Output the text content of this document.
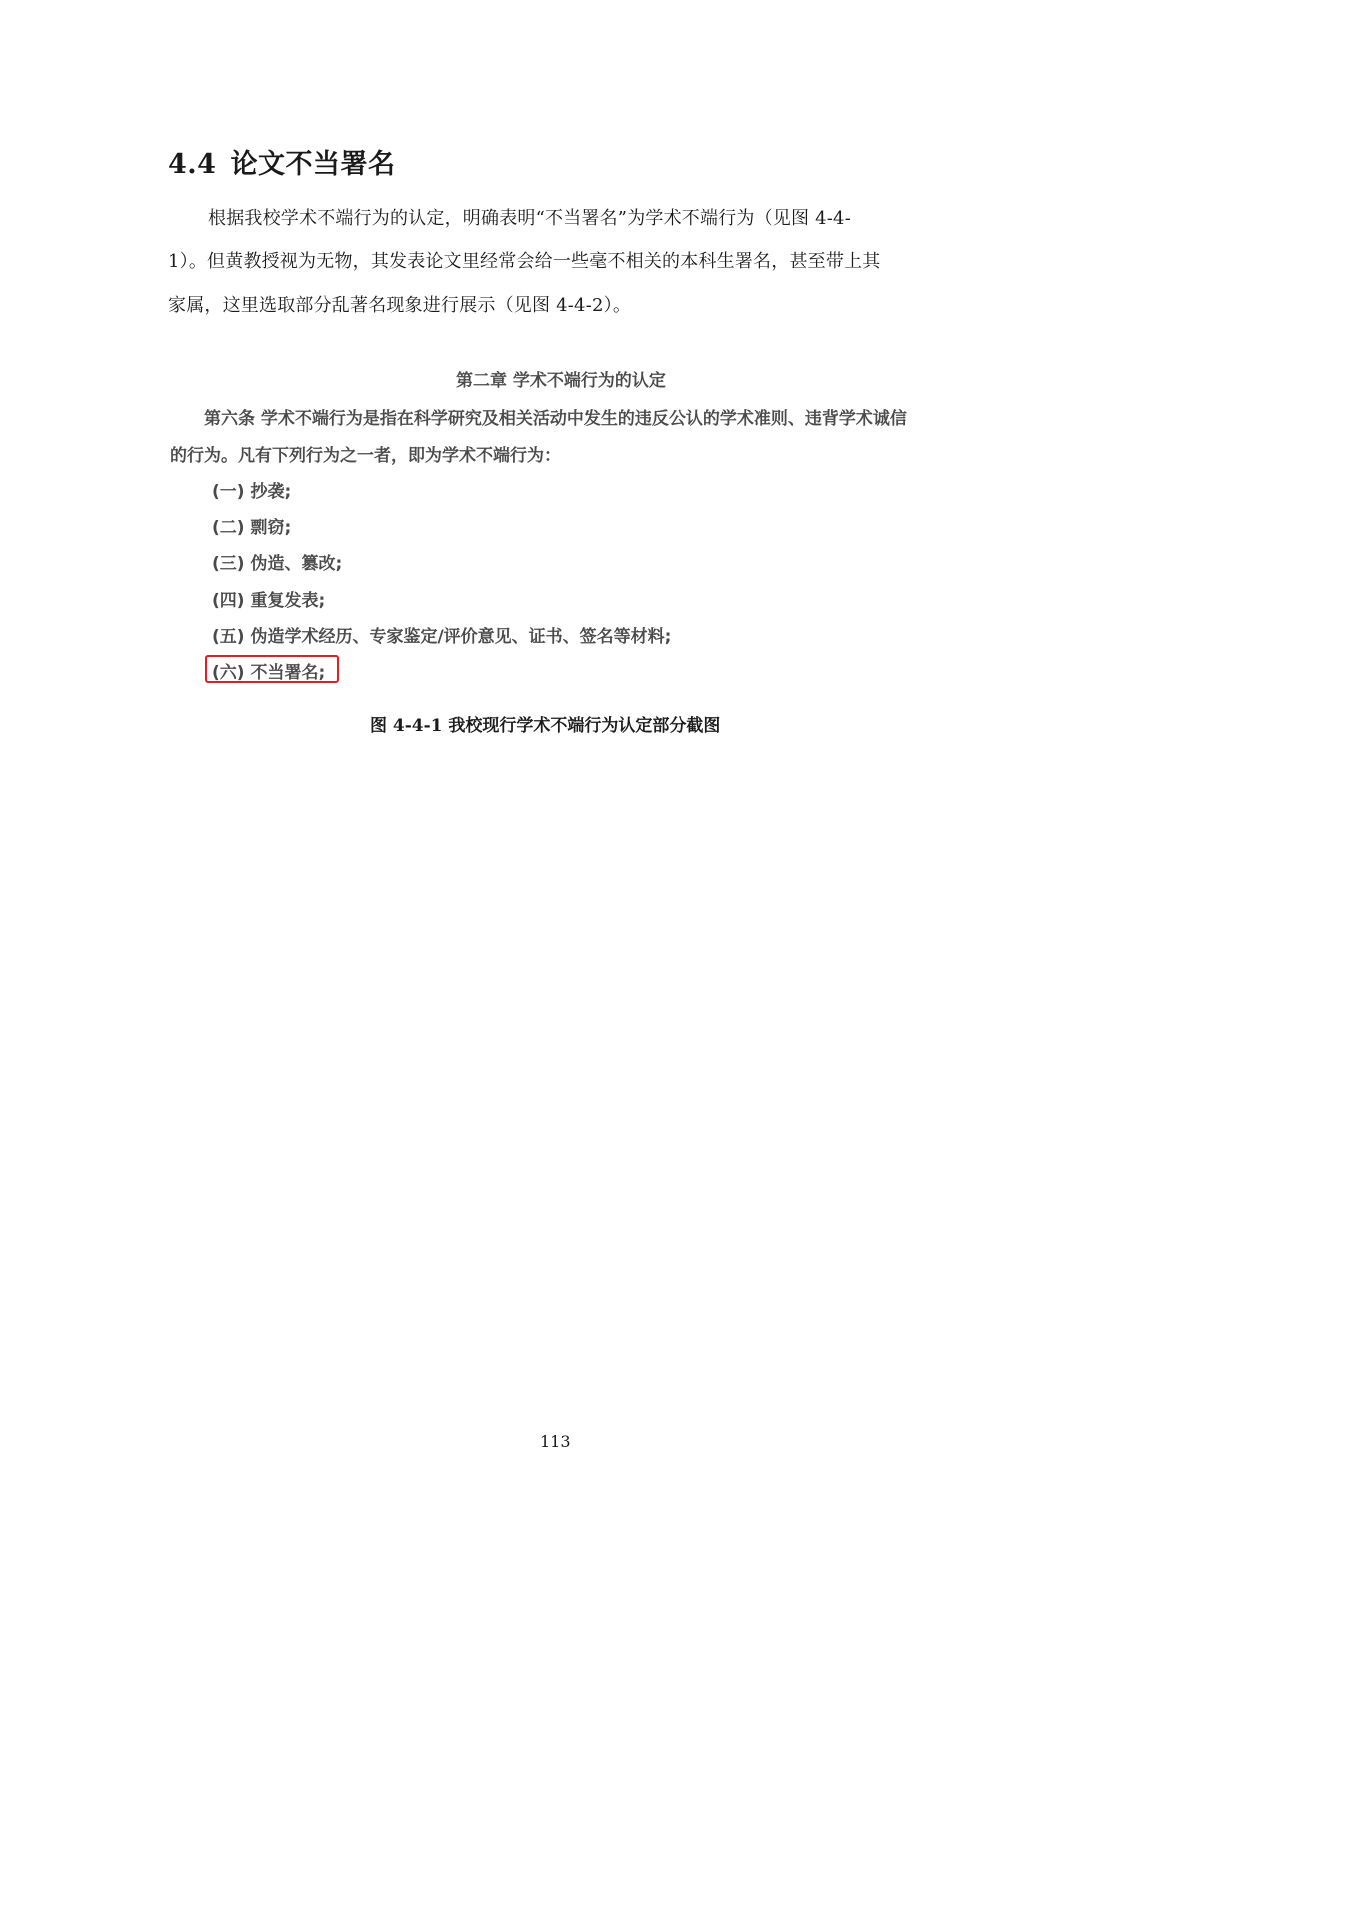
4.4 论文不当署名
根据我校学术不端行为的认定，明确表明“不当署名”为学术不端行为（见图 4-4-
1）。但黄教授视为无物，其发表论文里经常会给一些毫不相关的本科生署名，甚至带上其
家属，这里选取部分乱著名现象进行展示（见图 4-4-2）。
第二章 学术不端行为的认定
第六条 学术不端行为是指在科学研究及相关活动中发生的违反公认的学术准则、违背学术诚信
的行为。凡有下列行为之一者，即为学术不端行为：
(一) 抄袭;
(二) 剽窃;
(三) 伪造、篡改;
(四) 重复发表;
(五) 伪造学术经历、专家鉴定/评价意见、证书、签名等材料;
(六) 不当署名;
图 4-4-1 我校现行学术不端行为认定部分截图
113
